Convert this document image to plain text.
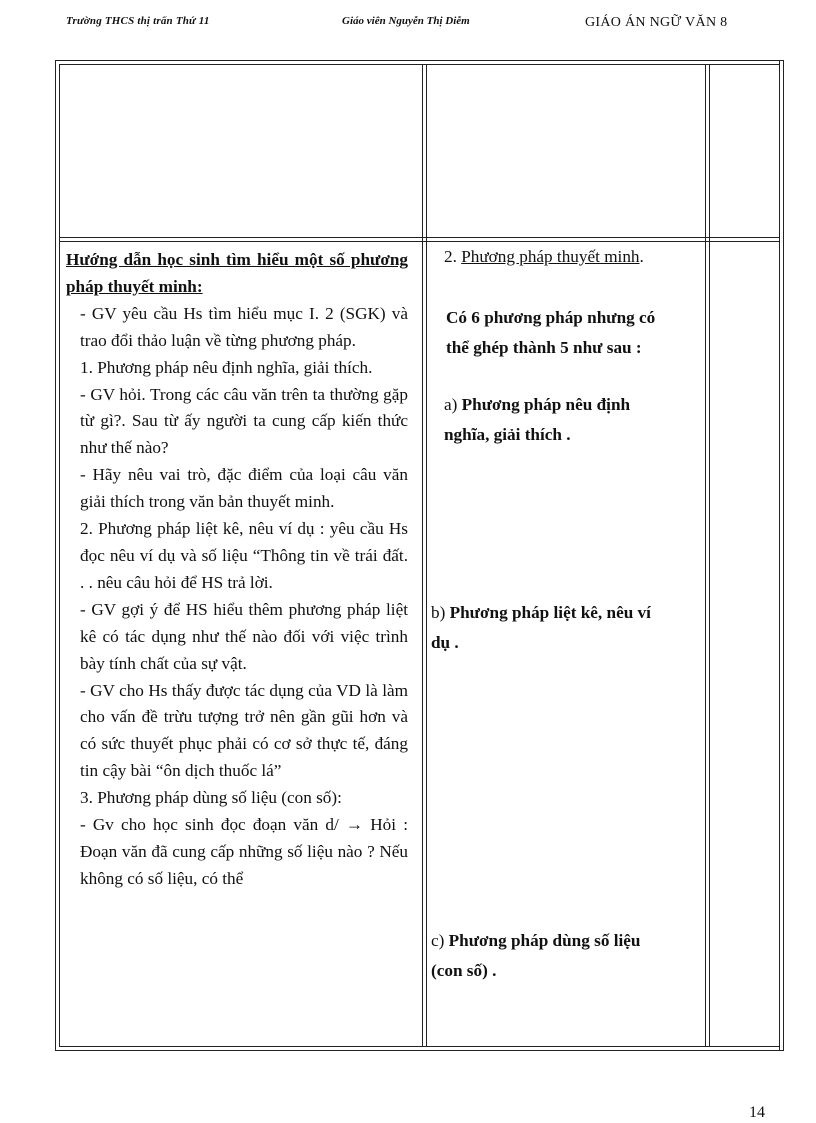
Trường THCS thị trấn Thứ 11	Giáo viên Nguyễn Thị Diễm	GIÁO ÁN NGỮ VĂN 8

Hướng dẫn học sinh tìm hiểu một số phương pháp thuyết minh:

- GV yêu cầu Hs tìm hiểu mục I. 2 (SGK) và trao đổi thảo luận về từng phương pháp.

1. Phương pháp nêu định nghĩa, giải thích.

- GV hỏi. Trong các câu văn trên ta thường gặp từ gì?. Sau từ ấy người ta cung cấp kiến thức như thế nào?

- Hãy nêu vai trò, đặc điểm của loại câu văn giải thích trong văn bản thuyết minh.

2. Phương pháp liệt kê, nêu ví dụ : yêu cầu Hs đọc nêu ví dụ và số liệu “Thông tin về trái đất. . . nêu câu hỏi để HS trả lời.

- GV gợi ý để HS hiểu thêm phương pháp liệt kê có tác dụng như thế nào đối với việc trình bày tính chất của sự vật.

- GV cho Hs thấy được tác dụng của VD là làm cho vấn đề trừu tượng trở nên gần gũi hơn và có sức thuyết phục phải có cơ sở thực tế, đáng tin cậy bài “ôn dịch thuốc lá”

3. Phương pháp dùng số liệu (con số):

- Gv cho học sinh đọc đoạn văn d/ → Hỏi : Đoạn văn đã cung cấp những số liệu nào ? Nếu không có số liệu, có thể

2. Phương pháp thuyết minh.
Có 6 phương pháp nhưng có
thể ghép thành 5 như sau :
a) Phương pháp nêu định
nghĩa, giải thích .
b) Phương pháp liệt kê, nêu ví
dụ .
c) Phương pháp dùng số liệu
(con số) .
14
